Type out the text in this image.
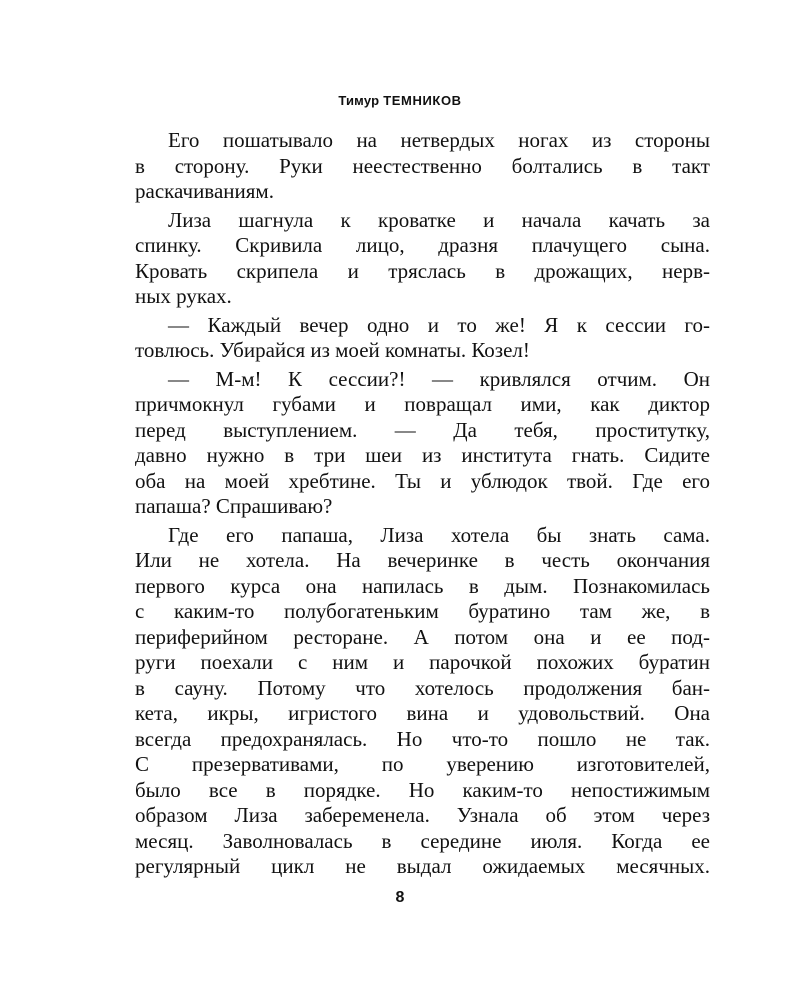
Тимур ТЕМНИКОВ
Его пошатывало на нетвердых ногах из стороны
в сторону. Руки неестественно болтались в такт
раскачиваниям.
Лиза шагнула к кроватке и начала качать за
спинку. Скривила лицо, дразня плачущего сына.
Кровать скрипела и тряслась в дрожащих, нерв-
ных руках.
— Каждый вечер одно и то же! Я к сессии го-
товлюсь. Убирайся из моей комнаты. Козел!
— М-м! К сессии?! — кривлялся отчим. Он
причмокнул губами и повращал ими, как диктор
перед выступлением. — Да тебя, проститутку,
давно нужно в три шеи из института гнать. Сидите
оба на моей хребтине. Ты и ублюдок твой. Где его
папаша? Спрашиваю?
Где его папаша, Лиза хотела бы знать сама.
Или не хотела. На вечеринке в честь окончания
первого курса она напилась в дым. Познакомилась
с каким-то полубогатеньким буратино там же, в
периферийном ресторане. А потом она и ее под-
руги поехали с ним и парочкой похожих буратин
в сауну. Потому что хотелось продолжения бан-
кета, икры, игристого вина и удовольствий. Она
всегда предохранялась. Но что-то пошло не так.
С презервативами, по уверению изготовителей,
было все в порядке. Но каким-то непостижимым
образом Лиза забеременела. Узнала об этом через
месяц. Заволновалась в середине июля. Когда ее
регулярный цикл не выдал ожидаемых месячных.
8
